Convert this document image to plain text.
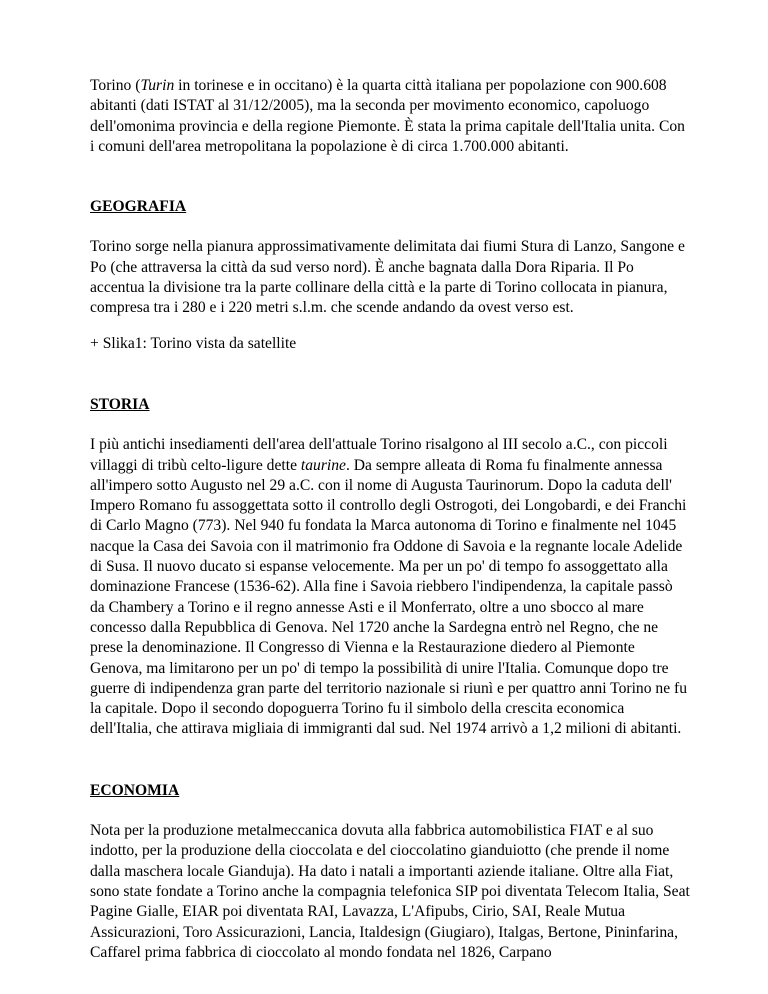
Torino (Turin in torinese e in occitano) è la quarta città italiana per popolazione con 900.608 abitanti (dati ISTAT al 31/12/2005), ma la seconda per movimento economico, capoluogo dell'omonima provincia e della regione Piemonte. È stata la prima capitale dell'Italia unita. Con i comuni dell'area metropolitana la popolazione è di circa 1.700.000 abitanti.

GEOGRAFIA

Torino sorge nella pianura approssimativamente delimitata dai fiumi Stura di Lanzo, Sangone e Po (che attraversa la città da sud verso nord). È anche bagnata dalla Dora Riparia. Il Po accentua la divisione tra la parte collinare della città e la parte di Torino collocata in pianura, compresa tra i 280 e i 220 metri s.l.m. che scende andando da ovest verso est.

+ Slika1: Torino vista da satellite

STORIA

I più antichi insediamenti dell'area dell'attuale Torino risalgono al III secolo a.C., con piccoli villaggi di tribù celto-ligure dette taurine. Da sempre alleata di Roma fu finalmente annessa all'impero sotto Augusto nel 29 a.C. con il nome di Augusta Taurinorum. Dopo la caduta dell' Impero Romano fu assoggettata sotto il controllo degli Ostrogoti, dei Longobardi, e dei Franchi di Carlo Magno (773). Nel 940 fu fondata la Marca autonoma di Torino e finalmente nel 1045 nacque la Casa dei Savoia con il matrimonio fra Oddone di Savoia e la regnante locale Adelide di Susa. Il nuovo ducato si espanse velocemente. Ma per un po' di tempo fo assoggettato alla dominazione Francese (1536-62). Alla fine i Savoia riebbero l'indipendenza, la capitale passò da Chambery a Torino e il regno annesse Asti e il Monferrato, oltre a uno sbocco al mare concesso dalla Repubblica di Genova. Nel 1720 anche la Sardegna entrò nel Regno, che ne prese la denominazione. Il Congresso di Vienna e la Restaurazione diedero al Piemonte Genova, ma limitarono per un po' di tempo la possibilità di unire l'Italia. Comunque dopo tre guerre di indipendenza gran parte del territorio nazionale si riunì e per quattro anni Torino ne fu la capitale. Dopo il secondo dopoguerra Torino fu il simbolo della crescita economica dell'Italia, che attirava migliaia di immigranti dal sud. Nel 1974 arrivò a 1,2 milioni di abitanti.

ECONOMIA

Nota per la produzione metalmeccanica dovuta alla fabbrica automobilistica FIAT e al suo indotto, per la produzione della cioccolata e del cioccolatino gianduiotto (che prende il nome dalla maschera locale Gianduja). Ha dato i natali a importanti aziende italiane. Oltre alla Fiat, sono state fondate a Torino anche la compagnia telefonica SIP poi diventata Telecom Italia, Seat Pagine Gialle, EIAR poi diventata RAI, Lavazza, L'Afipubs, Cirio, SAI, Reale Mutua Assicurazioni, Toro Assicurazioni, Lancia, Italdesign (Giugiaro), Italgas, Bertone, Pininfarina, Caffarel prima fabbrica di cioccolato al mondo fondata nel 1826, Carpano
